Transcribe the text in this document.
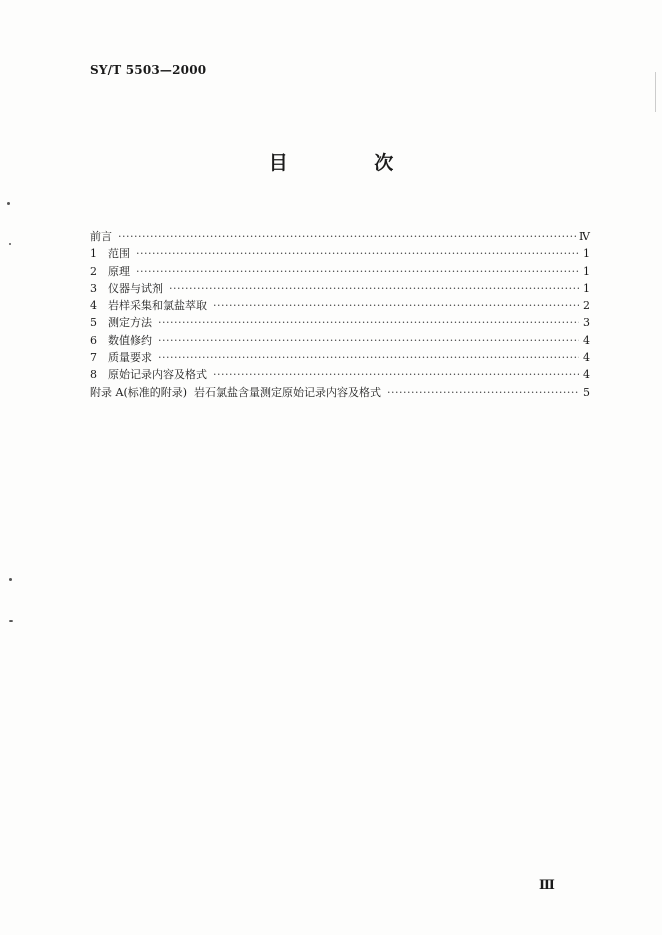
SY/T 5503—2000
目 次
前言 ·····	Ⅳ
1	范围 ·····	1
2	原理 ·····	1
3	仪器与试剂 ·····	1
4	岩样采集和氯盐萃取 ·····	2
5	测定方法 ·····	3
6	数值修约 ·····	4
7	质量要求 ·····	4
8	原始记录内容及格式 ·····	4
附录 A(标准的附录)  岩石氯盐含量测定原始记录内容及格式 ·····	5
Ⅲ
